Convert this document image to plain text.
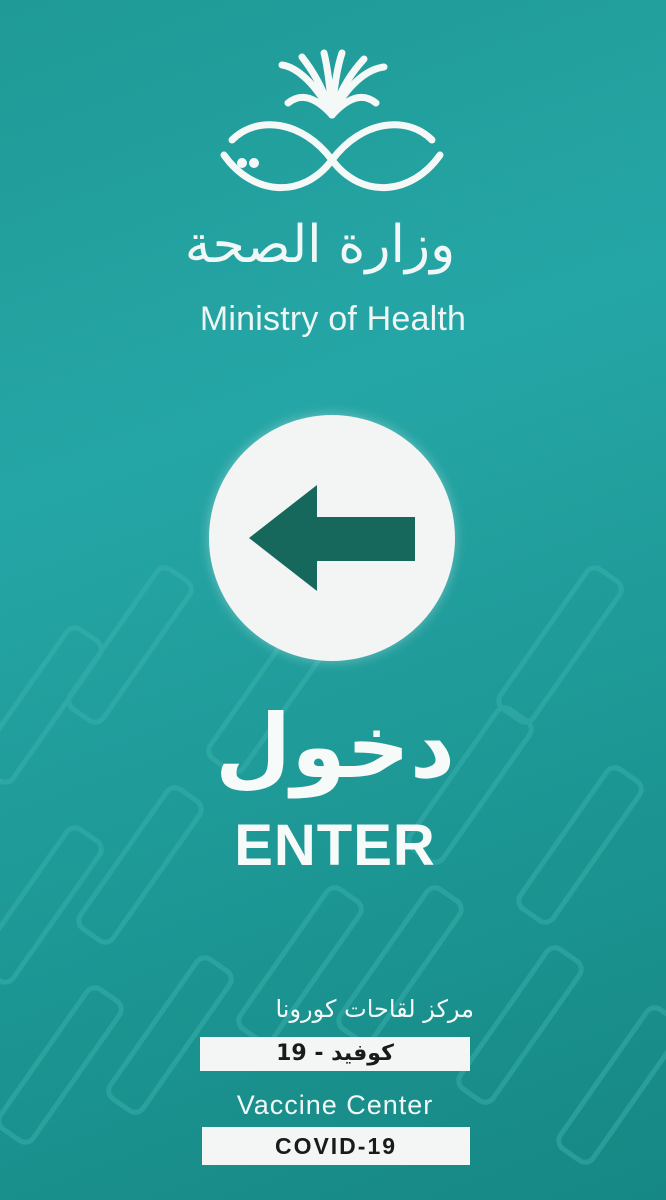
وزارة الصحة
Ministry of Health
دخول
ENTER
مركز لقاحات كورونا
كوفيد - 19
Vaccine Center
COVID-19
